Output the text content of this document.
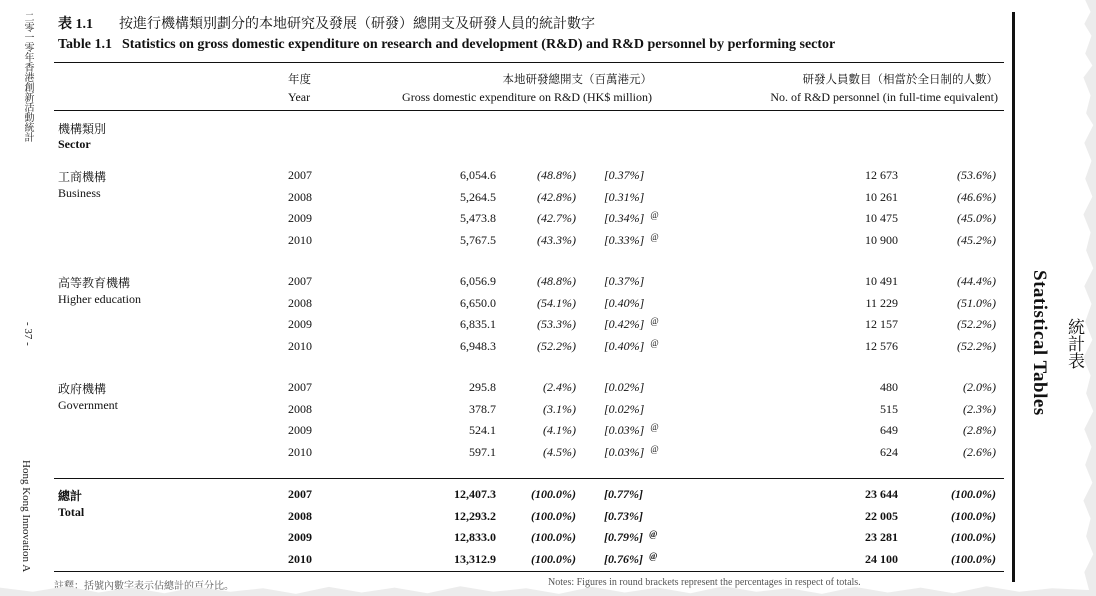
二零一零年香港創新活動統計
- 37 -
Hong Kong Innovation A
表 1.1 按進行機構類別劃分的本地研究及發展（研發）總開支及研發人員的統計數字
Table 1.1 Statistics on gross domestic expenditure on research and development (R&D) and R&D personnel by performing sector
年度
Year
本地研發總開支（百萬港元）
Gross domestic expenditure on R&D (HK$ million)
研發人員數目（相當於全日制的人數）
No. of R&D personnel (in full-time equivalent)
機構類別
Sector
工商機構
Business
2007	6,054.6	(48.8%) [0.37%]	12 673	(53.6%)
2008	5,264.5	(42.8%) [0.31%]	10 261	(46.6%)
2009	5,473.8	(42.7%) [0.34%] @	10 475	(45.0%)
2010	5,767.5	(43.3%) [0.33%] @	10 900	(45.2%)
高等教育機構
Higher education
2007	6,056.9	(48.8%) [0.37%]	10 491	(44.4%)
2008	6,650.0	(54.1%) [0.40%]	11 229	(51.0%)
2009	6,835.1	(53.3%) [0.42%] @	12 157	(52.2%)
2010	6,948.3	(52.2%) [0.40%] @	12 576	(52.2%)
政府機構
Government
2007	295.8	(2.4%) [0.02%]	480	(2.0%)
2008	378.7	(3.1%) [0.02%]	515	(2.3%)
2009	524.1	(4.1%) [0.03%] @	649	(2.8%)
2010	597.1	(4.5%) [0.03%] @	624	(2.6%)
總計
Total
2007	12,407.3	(100.0%) [0.77%]	23 644	(100.0%)
2008	12,293.2	(100.0%) [0.73%]	22 005	(100.0%)
2009	12,833.0	(100.0%) [0.79%] @	23 281	(100.0%)
2010	13,312.9	(100.0%) [0.76%] @	24 100	(100.0%)
註釋：括號內數字表示佔總計的百分比。	Notes: Figures in round brackets represent the percentages in respect of totals.
Statistical Tables 統計表
